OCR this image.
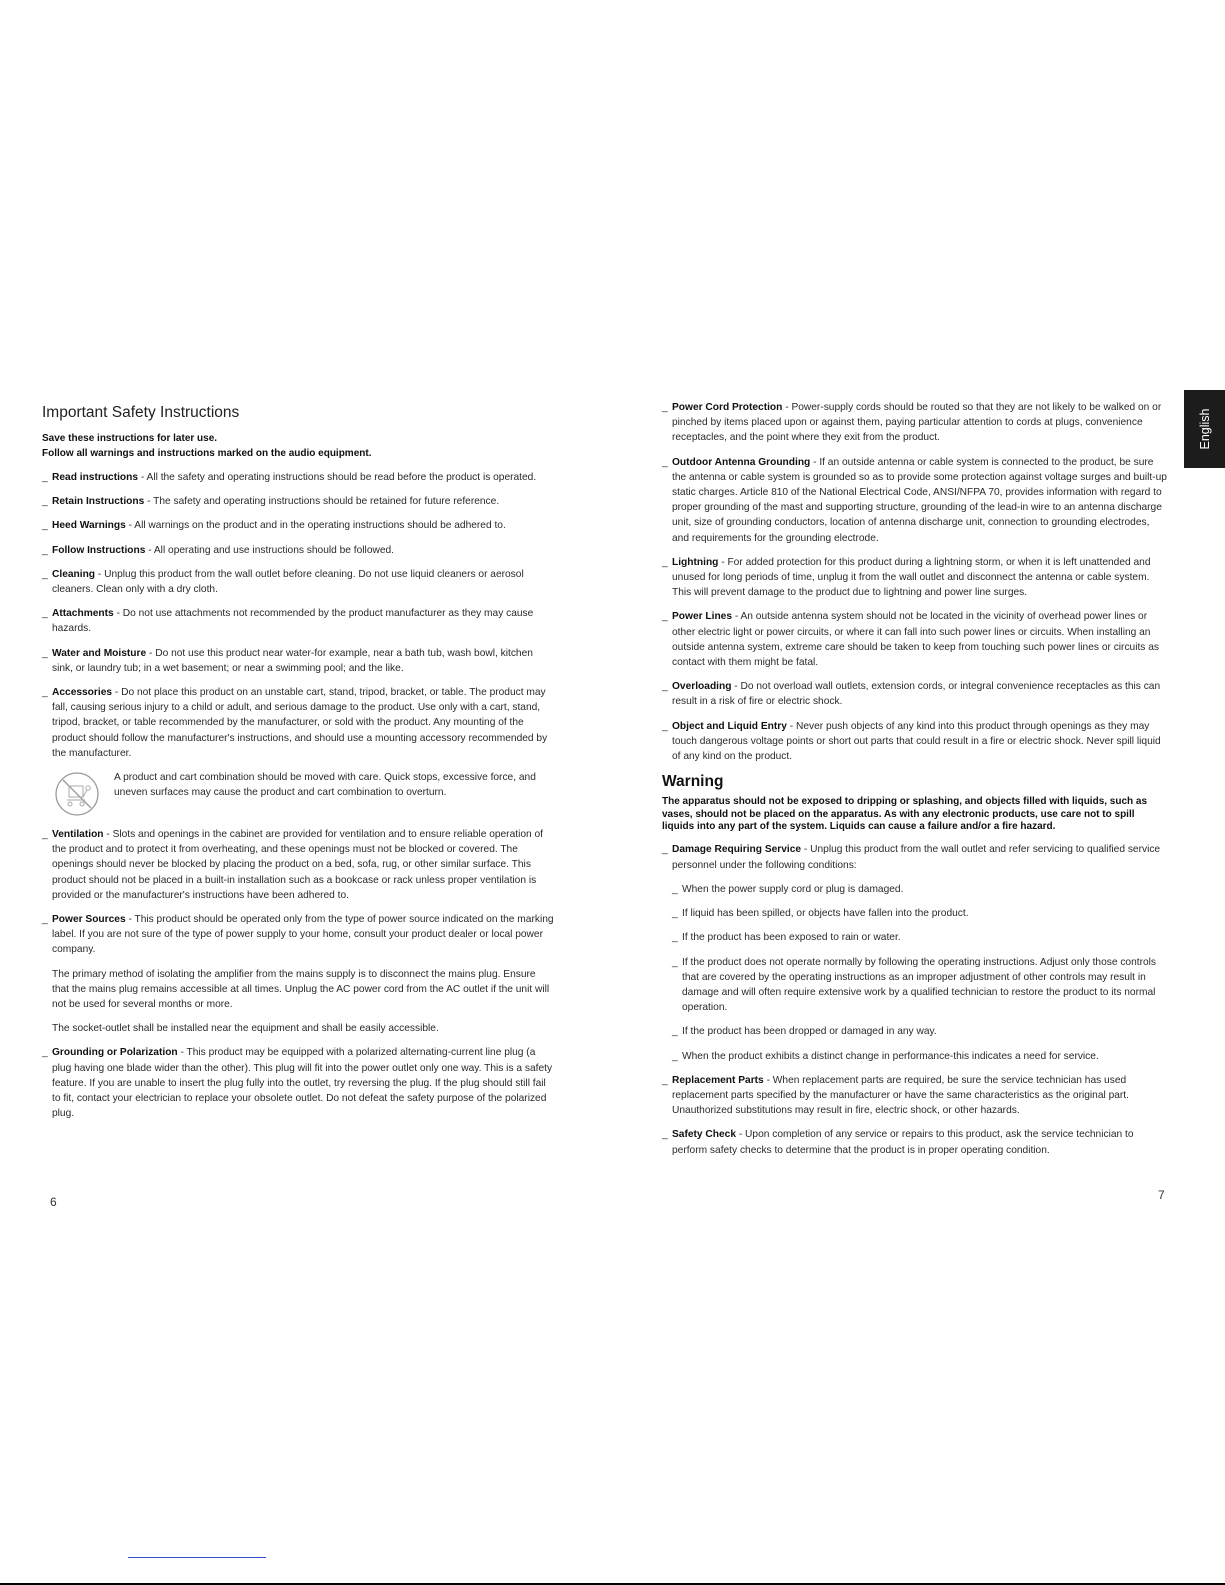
Important Safety Instructions
Save these instructions for later use.
Follow all warnings and instructions marked on the audio equipment.
_ Read instructions - All the safety and operating instructions should be read before the product is operated.
_ Retain Instructions - The safety and operating instructions should be retained for future reference.
_ Heed Warnings - All warnings on the product and in the operating instructions should be adhered to.
_ Follow Instructions - All operating and use instructions should be followed.
_ Cleaning - Unplug this product from the wall outlet before cleaning. Do not use liquid cleaners or aerosol cleaners. Clean only with a dry cloth.
_ Attachments - Do not use attachments not recommended by the product manufacturer as they may cause hazards.
_ Water and Moisture - Do not use this product near water-for example, near a bath tub, wash bowl, kitchen sink, or laundry tub; in a wet basement; or near a swimming pool; and the like.
_ Accessories - Do not place this product on an unstable cart, stand, tripod, bracket, or table. The product may fall, causing serious injury to a child or adult, and serious damage to the product. Use only with a cart, stand, tripod, bracket, or table recommended by the manufacturer, or sold with the product. Any mounting of the product should follow the manufacturer's instructions, and should use a mounting accessory recommended by the manufacturer.
A product and cart combination should be moved with care. Quick stops, excessive force, and uneven surfaces may cause the product and cart combination to overturn.
_ Ventilation - Slots and openings in the cabinet are provided for ventilation and to ensure reliable operation of the product and to protect it from overheating, and these openings must not be blocked or covered. The openings should never be blocked by placing the product on a bed, sofa, rug, or other similar surface. This product should not be placed in a built-in installation such as a bookcase or rack unless proper ventilation is provided or the manufacturer's instructions have been adhered to.
_ Power Sources - This product should be operated only from the type of power source indicated on the marking label. If you are not sure of the type of power supply to your home, consult your product dealer or local power company.
The primary method of isolating the amplifier from the mains supply is to disconnect the mains plug. Ensure that the mains plug remains accessible at all times. Unplug the AC power cord from the AC outlet if the unit will not be used for several months or more.
The socket-outlet shall be installed near the equipment and shall be easily accessible.
_ Grounding or Polarization - This product may be equipped with a polarized alternating-current line plug (a plug having one blade wider than the other). This plug will fit into the power outlet only one way. This is a safety feature. If you are unable to insert the plug fully into the outlet, try reversing the plug. If the plug should still fail to fit, contact your electrician to replace your obsolete outlet. Do not defeat the safety purpose of the polarized plug.
_ Power Cord Protection - Power-supply cords should be routed so that they are not likely to be walked on or pinched by items placed upon or against them, paying particular attention to cords at plugs, convenience receptacles, and the point where they exit from the product.
_ Outdoor Antenna Grounding - If an outside antenna or cable system is connected to the product, be sure the antenna or cable system is grounded so as to provide some protection against voltage surges and built-up static charges. Article 810 of the National Electrical Code, ANSI/NFPA 70, provides information with regard to proper grounding of the mast and supporting structure, grounding of the lead-in wire to an antenna discharge unit, size of grounding conductors, location of antenna discharge unit, connection to grounding electrodes, and requirements for the grounding electrode.
_ Lightning - For added protection for this product during a lightning storm, or when it is left unattended and unused for long periods of time, unplug it from the wall outlet and disconnect the antenna or cable system. This will prevent damage to the product due to lightning and power line surges.
_ Power Lines - An outside antenna system should not be located in the vicinity of overhead power lines or other electric light or power circuits, or where it can fall into such power lines or circuits. When installing an outside antenna system, extreme care should be taken to keep from touching such power lines or circuits as contact with them might be fatal.
_ Overloading - Do not overload wall outlets, extension cords, or integral convenience receptacles as this can result in a risk of fire or electric shock.
_ Object and Liquid Entry - Never push objects of any kind into this product through openings as they may touch dangerous voltage points or short out parts that could result in a fire or electric shock. Never spill liquid of any kind on the product.
Warning
The apparatus should not be exposed to dripping or splashing, and objects filled with liquids, such as vases, should not be placed on the apparatus. As with any electronic products, use care not to spill liquids into any part of the system. Liquids can cause a failure and/or a fire hazard.
_ Damage Requiring Service - Unplug this product from the wall outlet and refer servicing to qualified service personnel under the following conditions:
_ When the power supply cord or plug is damaged.
_ If liquid has been spilled, or objects have fallen into the product.
_ If the product has been exposed to rain or water.
_ If the product does not operate normally by following the operating instructions. Adjust only those controls that are covered by the operating instructions as an improper adjustment of other controls may result in damage and will often require extensive work by a qualified technician to restore the product to its normal operation.
_ If the product has been dropped or damaged in any way.
_ When the product exhibits a distinct change in performance-this indicates a need for service.
_ Replacement Parts - When replacement parts are required, be sure the service technician has used replacement parts specified by the manufacturer or have the same characteristics as the original part. Unauthorized substitutions may result in fire, electric shock, or other hazards.
_ Safety Check - Upon completion of any service or repairs to this product, ask the service technician to perform safety checks to determine that the product is in proper operating condition.
6	7
English
